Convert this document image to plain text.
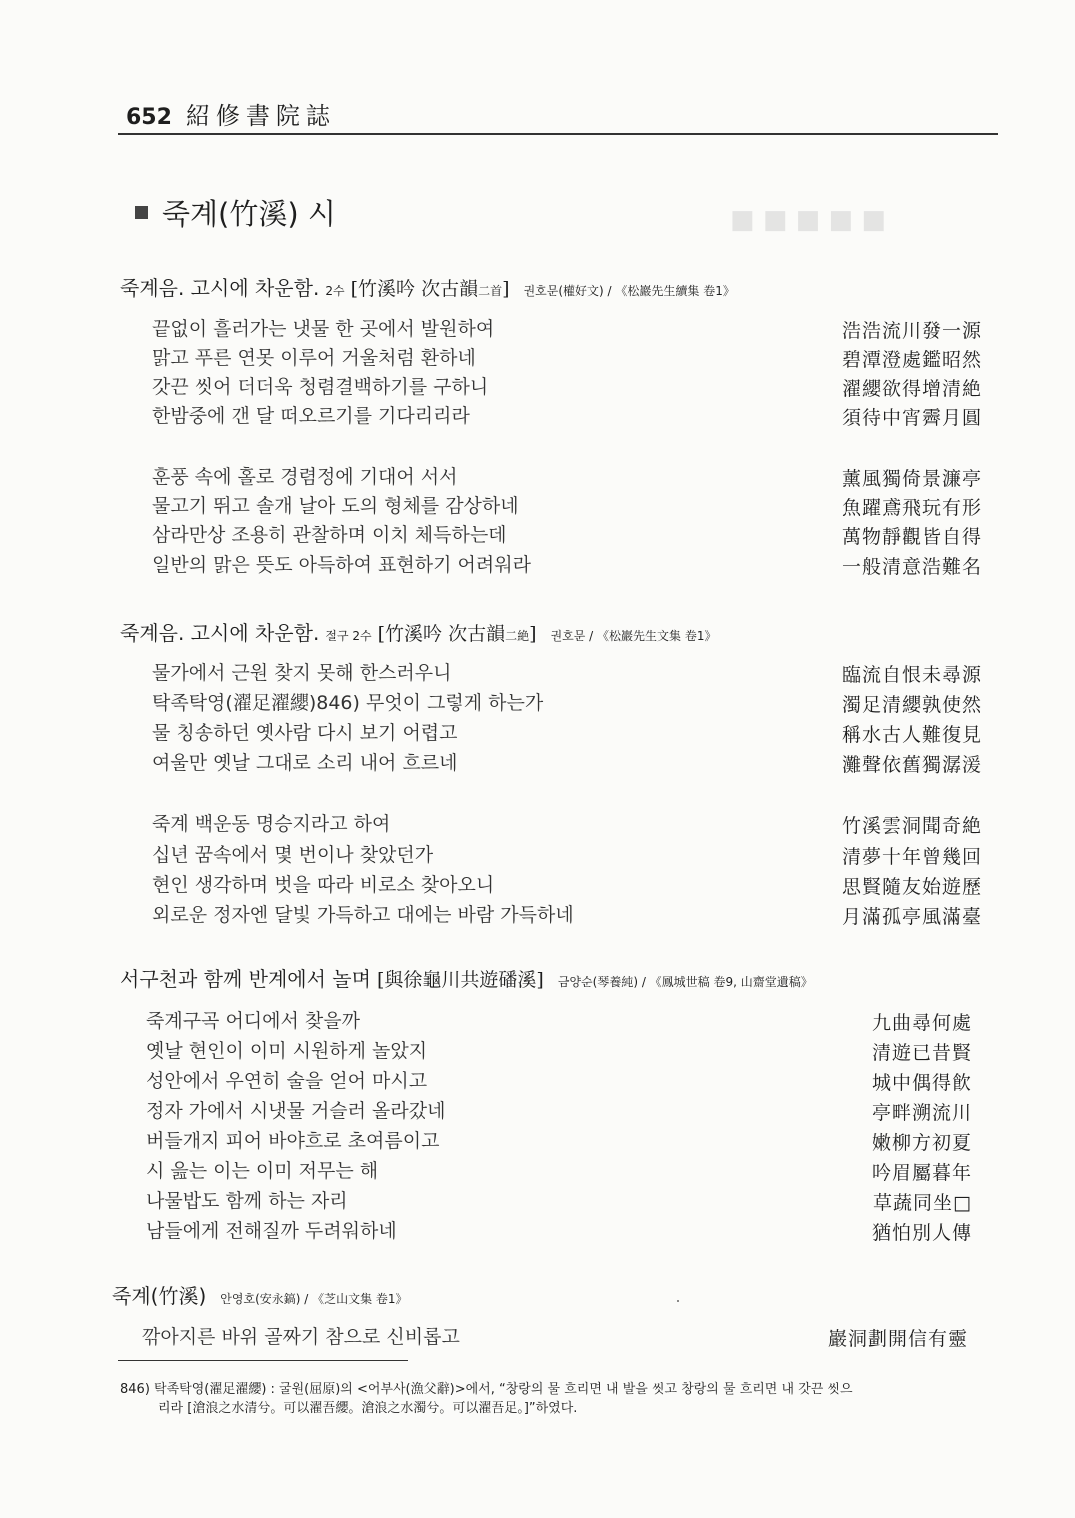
652 紹修書院誌
죽계(竹溪) 시	■ ■ ■ ■ ■
죽계음. 고시에 차운함. 2수 [竹溪吟 次古韻二首] 권호문(權好文) / 《松巖先生續集 卷1》
끝없이 흘러가는 냇물 한 곳에서 발원하여	浩浩流川發一源
맑고 푸른 연못 이루어 거울처럼 환하네	碧潭澄處鑑昭然
갓끈 씻어 더더욱 청렴결백하기를 구하니	濯纓欲得增清絶
한밤중에 갠 달 떠오르기를 기다리리라	須待中宵霽月圓
훈풍 속에 홀로 경렴정에 기대어 서서	薰風獨倚景濂亭
물고기 뛰고 솔개 날아 도의 형체를 감상하네	魚躍鳶飛玩有形
삼라만상 조용히 관찰하며 이치 체득하는데	萬物靜觀皆自得
일반의 맑은 뜻도 아득하여 표현하기 어려워라	一般清意浩難名
죽계음. 고시에 차운함. 절구 2수 [竹溪吟 次古韻二絶] 권호문 / 《松巖先生文集 卷1》
물가에서 근원 찾지 못해 한스러우니	臨流自恨未尋源
탁족탁영(濯足濯纓)846) 무엇이 그렇게 하는가	濁足清纓孰使然
물 칭송하던 옛사람 다시 보기 어렵고	稱水古人難復見
여울만 옛날 그대로 소리 내어 흐르네	灘聲依舊獨潺湲
죽계 백운동 명승지라고 하여	竹溪雲洞聞奇絶
십년 꿈속에서 몇 번이나 찾았던가	清夢十年曾幾回
현인 생각하며 벗을 따라 비로소 찾아오니	思賢隨友始遊歷
외로운 정자엔 달빛 가득하고 대에는 바람 가득하네	月滿孤亭風滿臺
서구천과 함께 반계에서 놀며 [與徐龜川共遊磻溪] 금양순(琴養純) / 《鳳城世稿 卷9, 山齋堂遺稿》
죽계구곡 어디에서 찾을까	九曲尋何處
옛날 현인이 이미 시원하게 놀았지	清遊已昔賢
성안에서 우연히 술을 얻어 마시고	城中偶得飮
정자 가에서 시냇물 거슬러 올라갔네	亭畔溯流川
버들개지 피어 바야흐로 초여름이고	嫩柳方初夏
시 읊는 이는 이미 저무는 해	吟眉屬暮年
나물밥도 함께 하는 자리	草蔬同坐□
남들에게 전해질까 두려워하네	猶怕別人傳
죽계(竹溪) 안영호(安永鎬) / 《芝山文集 卷1》
깎아지른 바위 골짜기 참으로 신비롭고	巖洞劃開信有靈
846) 탁족탁영(濯足濯纓) : 굴원(屈原)의 <어부사(漁父辭)>에서, “창랑의 물 흐리면 내 발을 씻고 창랑의 물 흐리면 내 갓끈 씻으
리라 [滄浪之水清兮。可以濯吾纓。滄浪之水濁兮。可以濯吾足。]”하였다.
